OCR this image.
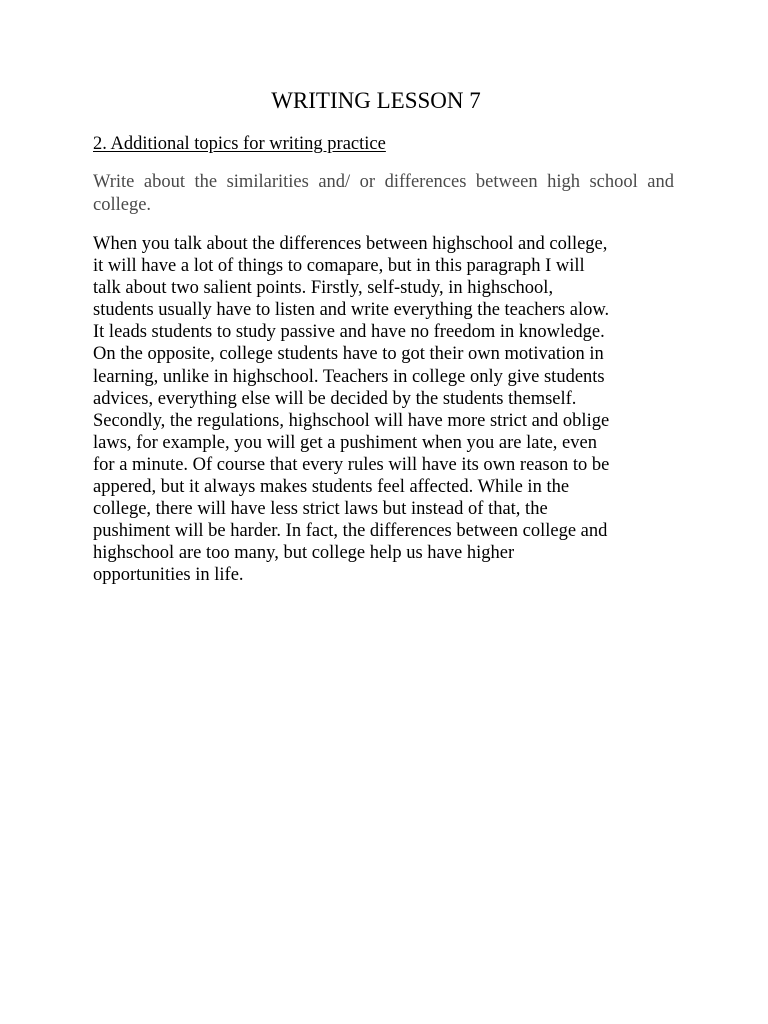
WRITING LESSON 7

2. Additional topics for writing practice

Write about the similarities and/ or differences between high school and college.

When you talk about the differences between highschool and college,
it will have a lot of things to comapare, but in this paragraph I will
talk about two salient points. Firstly, self-study, in highschool,
students usually have to listen and write everything the teachers alow.
It leads students to study passive and have no freedom in knowledge.
On the opposite, college students have to got their own motivation in
learning, unlike in highschool. Teachers in college only give students
advices, everything else will be decided by the students themself.
Secondly, the regulations, highschool will have more strict and oblige
laws, for example, you will get a pushiment when you are late, even
for a minute. Of course that every rules will have its own reason to be
appered, but it always makes students feel affected. While in the
college, there will have less strict laws but instead of that, the
pushiment will be harder. In fact, the differences between college and
highschool are too many, but college help us have higher
opportunities in life.
